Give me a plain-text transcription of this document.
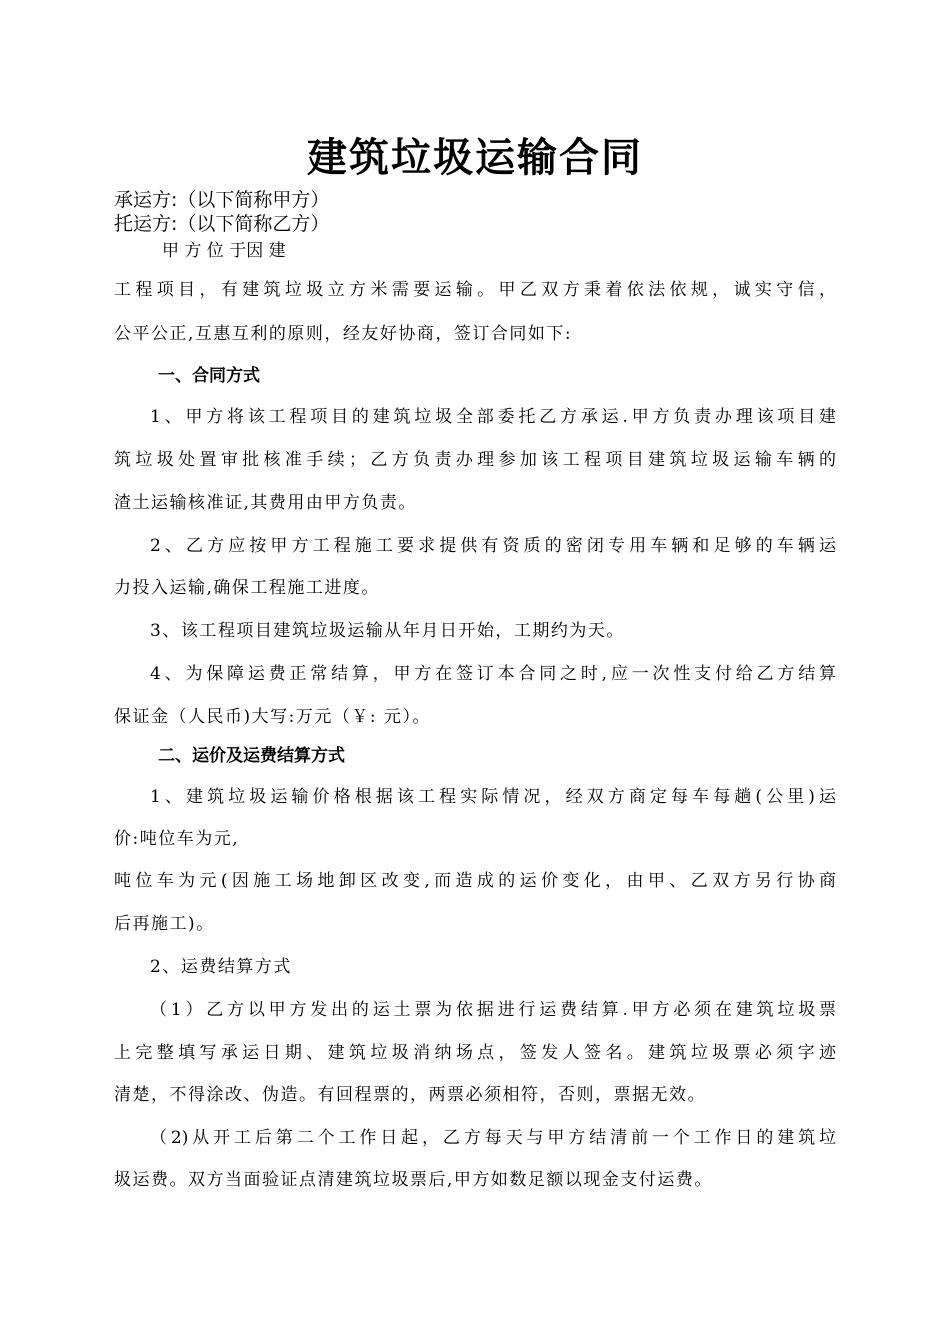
建筑垃圾运输合同
承运方:（以下简称甲方）
托运方:（以下简称乙方）
甲 方 位 于因 建
工程项目，有建筑垃圾立方米需要运输。甲乙双方秉着依法依规，诚实守信，
公平公正,互惠互利的原则，经友好协商，签订合同如下:
一、合同方式
1、甲方将该工程项目的建筑垃圾全部委托乙方承运.甲方负责办理该项目建
筑垃圾处置审批核准手续；乙方负责办理参加该工程项目建筑垃圾运输车辆的
渣土运输核准证,其费用由甲方负责。
2、乙方应按甲方工程施工要求提供有资质的密闭专用车辆和足够的车辆运
力投入运输,确保工程施工进度。
3、该工程项目建筑垃圾运输从年月日开始，工期约为天。
4、为保障运费正常结算，甲方在签订本合同之时,应一次性支付给乙方结算
保证金（人民币)大写:万元（￥: 元）。
二、运价及运费结算方式
1、建筑垃圾运输价格根据该工程实际情况，经双方商定每车每趟(公里)运
价:吨位车为元,
吨位车为元(因施工场地卸区改变,而造成的运价变化，由甲、乙双方另行协商
后再施工)。
2、运费结算方式
（1）乙方以甲方发出的运土票为依据进行运费结算.甲方必须在建筑垃圾票
上完整填写承运日期、建筑垃圾消纳场点，签发人签名。建筑垃圾票必须字迹
清楚，不得涂改、伪造。有回程票的，两票必须相符，否则，票据无效。
（2)从开工后第二个工作日起，乙方每天与甲方结清前一个工作日的建筑垃
圾运费。双方当面验证点清建筑垃圾票后,甲方如数足额以现金支付运费。
